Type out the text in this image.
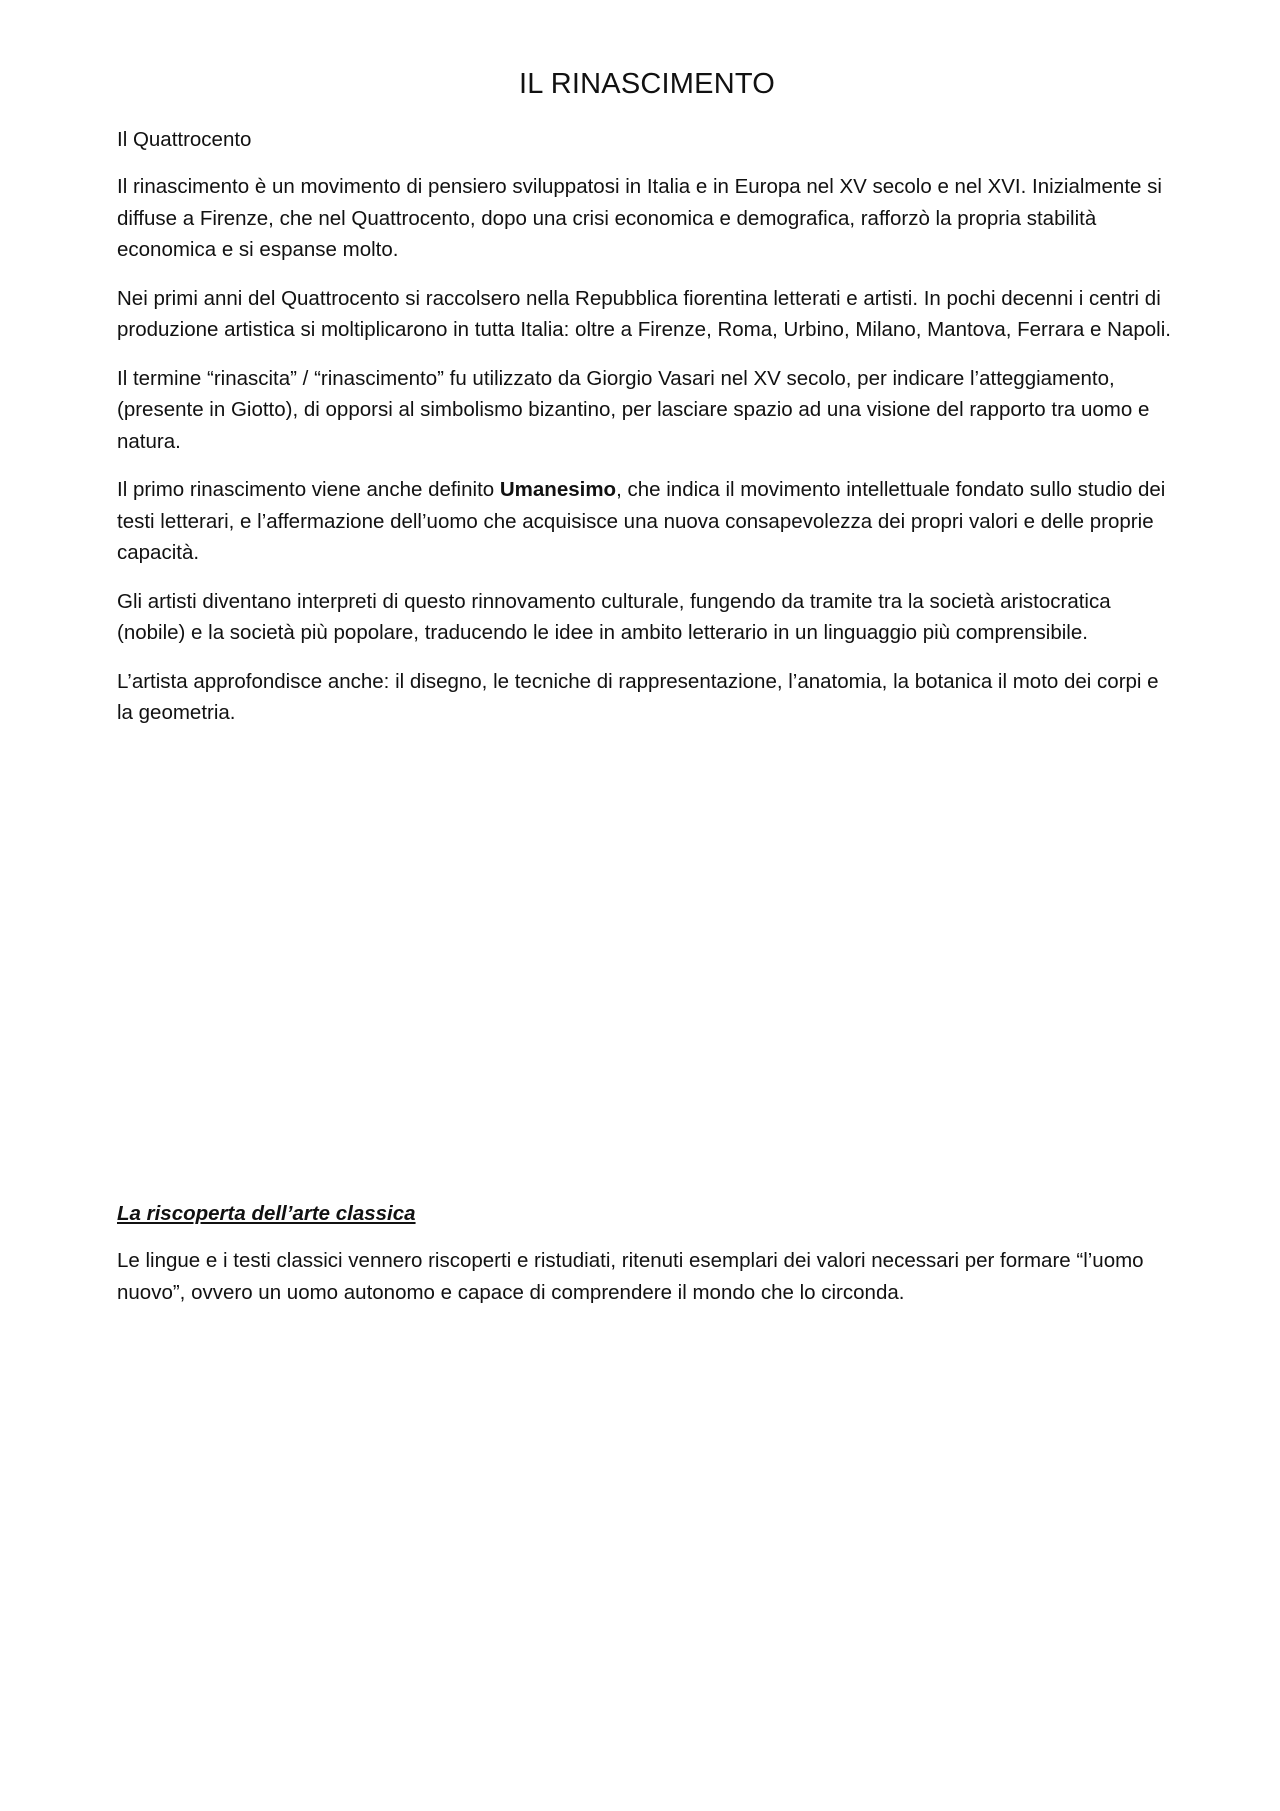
IL RINASCIMENTO

Il Quattrocento

Il rinascimento è un movimento di pensiero sviluppatosi in Italia e in Europa nel XV secolo e nel XVI. Inizialmente si diffuse a Firenze, che nel Quattrocento, dopo una crisi economica e demografica, rafforzò la propria stabilità economica e si espanse molto.

Nei primi anni del Quattrocento si raccolsero nella Repubblica fiorentina letterati e artisti. In pochi decenni i centri di produzione artistica si moltiplicarono in tutta Italia: oltre a Firenze, Roma, Urbino, Milano, Mantova, Ferrara e Napoli.

Il termine “rinascita” / “rinascimento” fu utilizzato da Giorgio Vasari nel XV secolo, per indicare l’atteggiamento, (presente in Giotto), di opporsi al simbolismo bizantino, per lasciare spazio ad una visione del rapporto tra uomo e natura.

Il primo rinascimento viene anche definito Umanesimo, che indica il movimento intellettuale fondato sullo studio dei testi letterari, e l’affermazione dell’uomo che acquisisce una nuova consapevolezza dei propri valori e delle proprie capacità.

Gli artisti diventano interpreti di questo rinnovamento culturale, fungendo da tramite tra la società aristocratica (nobile) e la società più popolare, traducendo le idee in ambito letterario in un linguaggio più comprensibile.

L’artista approfondisce anche: il disegno, le tecniche di rappresentazione, l’anatomia, la botanica il moto dei corpi e la geometria.

La riscoperta dell’arte classica

Le lingue e i testi classici vennero riscoperti e ristudiati, ritenuti esemplari dei valori necessari per formare “l’uomo nuovo”, ovvero un uomo autonomo e capace di comprendere il mondo che lo circonda.
